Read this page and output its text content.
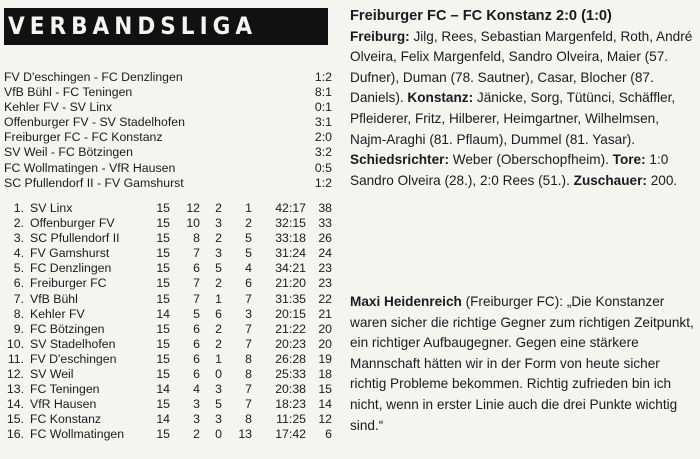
VERBANDSLIGA
FV D'eschingen - FC Denzlingen	1:2
VfB Bühl - FC Teningen	8:1
Kehler FV - SV Linx	0:1
Offenburger FV - SV Stadelhofen	3:1
Freiburger FC - FC Konstanz	2:0
SV Weil - FC Bötzingen	3:2
FC Wollmatingen - VfR Hausen	0:5
SC Pfullendorf II - FV Gamshurst	1:2
1. SV Linx	15	12	2	1	42:17	38
2. Offenburger FV	15	10	3	2	32:15	33
3. SC Pfullendorf II	15	8	2	5	33:18	26
4. FV Gamshurst	15	7	3	5	31:24	24
5. FC Denzlingen	15	6	5	4	34:21	23
6. Freiburger FC	15	7	2	6	21:20	23
7. VfB Bühl	15	7	1	7	31:35	22
8. Kehler FV	14	5	6	3	20:15	21
9. FC Bötzingen	15	6	2	7	21:22	20
10. SV Stadelhofen	15	6	2	7	20:23	20
11. FV D'eschingen	15	6	1	8	26:28	19
12. SV Weil	15	6	0	8	25:33	18
13. FC Teningen	14	4	3	7	20:38	15
14. VfR Hausen	15	3	5	7	18:23	14
15. FC Konstanz	14	3	3	8	11:25	12
16. FC Wollmatingen	15	2	0	13	17:42	6
Freiburger FC – FC Konstanz 2:0 (1:0)

Freiburg: Jilg, Rees, Sebastian Margenfeld, Roth, André Olveira, Felix Margenfeld, Sandro Olveira, Maier (57. Dufner), Duman (78. Sautner), Casar, Blocher (87. Daniels). Konstanz: Jänicke, Sorg, Tütünci, Schäffler, Pfleiderer, Fritz, Hilberer, Heimgartner, Wilhelmsen, Najm-Araghi (81. Pflaum), Dummel (81. Yasar). Schiedsrichter: Weber (Oberschopfheim). Tore: 1:0 Sandro Olveira (28.), 2:0 Rees (51.). Zuschauer: 200.

Maxi Heidenreich (Freiburger FC): „Die Konstanzer waren sicher die richtige Gegner zum richtigen Zeitpunkt, ein richtiger Aufbaugegner. Gegen eine stärkere Mannschaft hätten wir in der Form von heute sicher richtig Probleme bekommen. Richtig zufrieden bin ich nicht, wenn in erster Linie auch die drei Punkte wichtig sind.“
